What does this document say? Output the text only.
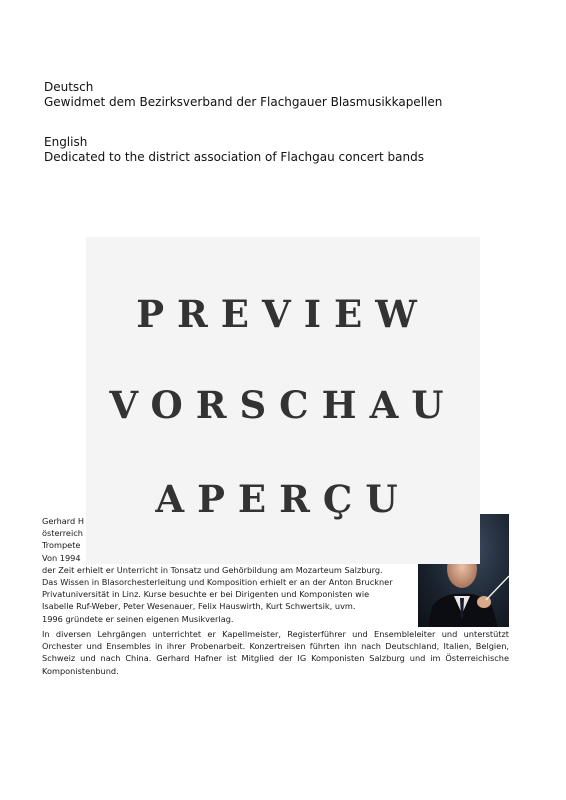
Deutsch

Gewidmet dem Bezirksverband der Flachgauer Blasmusikkapellen

English

Dedicated to the district association of Flachgau concert bands

Gerhard H

österreich

Trompete

Von 1994

der Zeit erhielt er Unterricht in Tonsatz und Gehörbildung am Mozarteum Salzburg.

Das Wissen in Blasorchesterleitung und Komposition erhielt er an der Anton Bruckner

Privatuniversität in Linz. Kurse besuchte er bei Dirigenten und Komponisten wie

Isabelle Ruf-Weber, Peter Wesenauer, Felix Hauswirth, Kurt Schwertsik, uvm.

1996 gründete er seinen eigenen Musikverlag.

In diversen Lehrgängen unterrichtet er Kapellmeister, Registerführer und Ensembleleiter und unterstützt Orchester und Ensembles in ihrer Probenarbeit. Konzertreisen führten ihn nach Deutschland, Italien, Belgien, Schweiz und nach China. Gerhard Hafner ist Mitglied der IG Komponisten Salzburg und im Österreichische Komponistenbund.

PREVIEW
VORSCHAU
APERÇU
